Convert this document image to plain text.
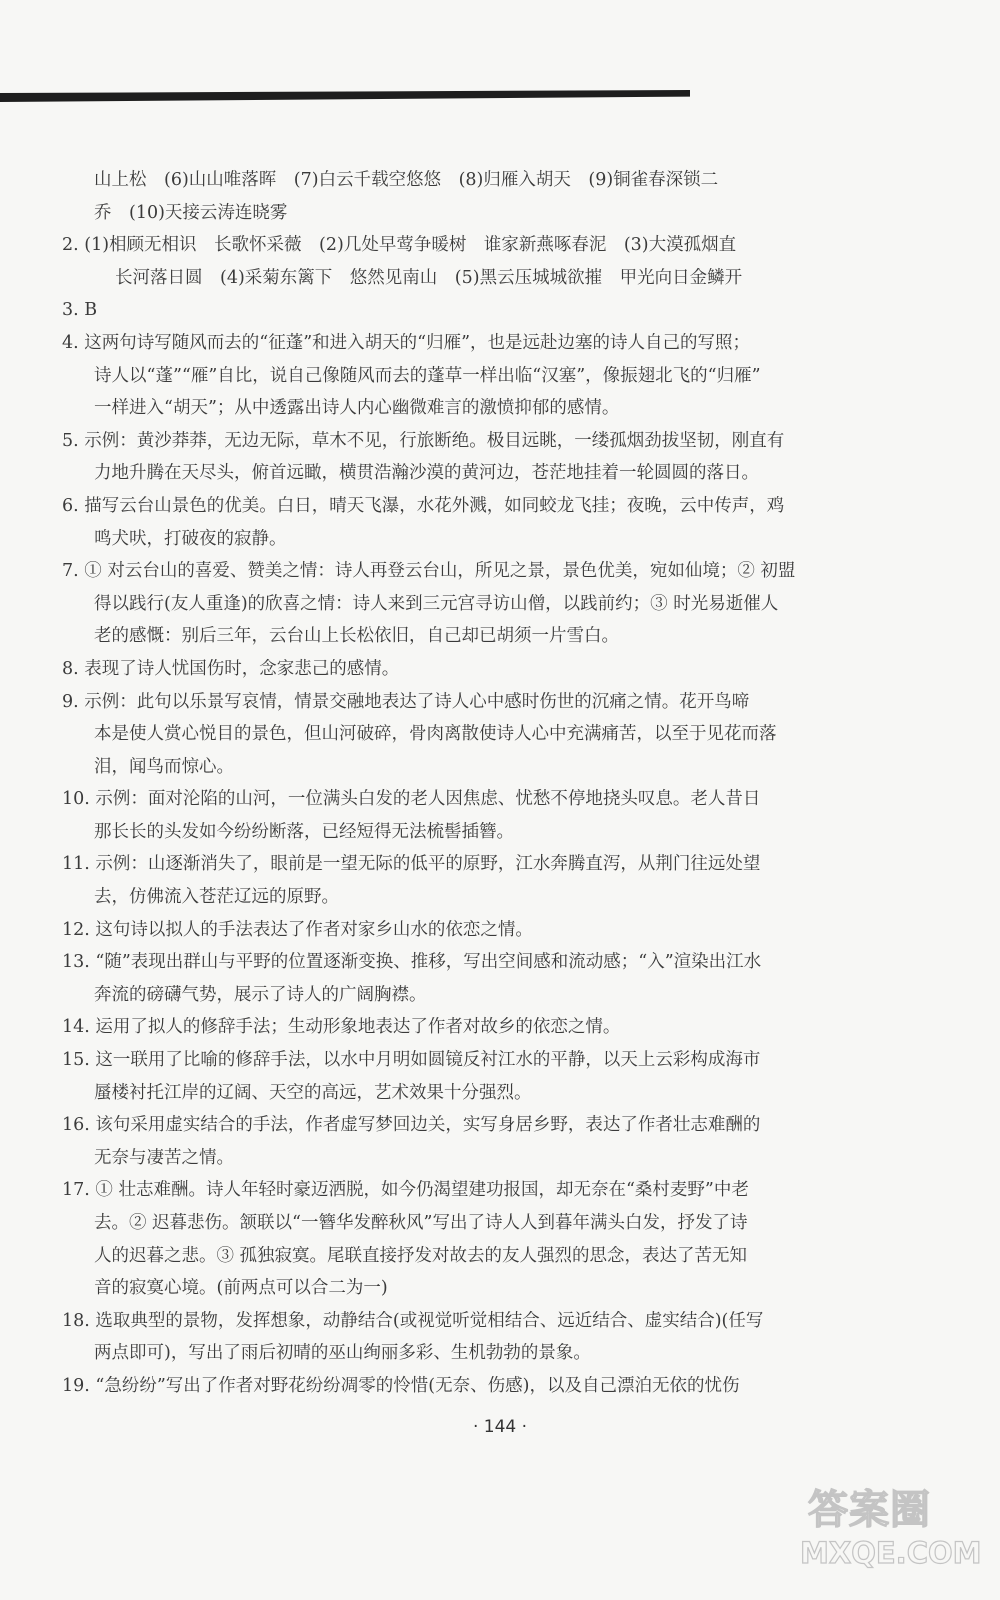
山上松　(6)山山唯落晖　(7)白云千载空悠悠　(8)归雁入胡天　(9)铜雀春深锁二
乔　(10)天接云涛连晓雾
2. (1)相顾无相识　长歌怀采薇　(2)几处早莺争暖树　谁家新燕啄春泥　(3)大漠孤烟直
长河落日圆　(4)采菊东篱下　悠然见南山　(5)黑云压城城欲摧　甲光向日金鳞开
3. B
4. 这两句诗写随风而去的“征蓬”和进入胡天的“归雁”，也是远赴边塞的诗人自己的写照；
诗人以“蓬”“雁”自比，说自己像随风而去的蓬草一样出临“汉塞”，像振翅北飞的“归雁”
一样进入“胡天”；从中透露出诗人内心幽微难言的激愤抑郁的感情。
5. 示例：黄沙莽莽，无边无际，草木不见，行旅断绝。极目远眺，一缕孤烟劲拔坚韧，刚直有
力地升腾在天尽头，俯首远瞰，横贯浩瀚沙漠的黄河边，苍茫地挂着一轮圆圆的落日。
6. 描写云台山景色的优美。白日，晴天飞瀑，水花外溅，如同蛟龙飞挂；夜晚，云中传声，鸡
鸣犬吠，打破夜的寂静。
7. ① 对云台山的喜爱、赞美之情：诗人再登云台山，所见之景，景色优美，宛如仙境；② 初盟
得以践行(友人重逢)的欣喜之情：诗人来到三元宫寻访山僧，以践前约；③ 时光易逝催人
老的感慨：别后三年，云台山上长松依旧，自己却已胡须一片雪白。
8. 表现了诗人忧国伤时，念家悲己的感情。
9. 示例：此句以乐景写哀情，情景交融地表达了诗人心中感时伤世的沉痛之情。花开鸟啼
本是使人赏心悦目的景色，但山河破碎，骨肉离散使诗人心中充满痛苦，以至于见花而落
泪，闻鸟而惊心。
10. 示例：面对沦陷的山河，一位满头白发的老人因焦虑、忧愁不停地挠头叹息。老人昔日
那长长的头发如今纷纷断落，已经短得无法梳髻插簪。
11. 示例：山逐渐消失了，眼前是一望无际的低平的原野，江水奔腾直泻，从荆门往远处望
去，仿佛流入苍茫辽远的原野。
12. 这句诗以拟人的手法表达了作者对家乡山水的依恋之情。
13. “随”表现出群山与平野的位置逐渐变换、推移，写出空间感和流动感；“入”渲染出江水
奔流的磅礴气势，展示了诗人的广阔胸襟。
14. 运用了拟人的修辞手法；生动形象地表达了作者对故乡的依恋之情。
15. 这一联用了比喻的修辞手法，以水中月明如圆镜反衬江水的平静，以天上云彩构成海市
蜃楼衬托江岸的辽阔、天空的高远，艺术效果十分强烈。
16. 该句采用虚实结合的手法，作者虚写梦回边关，实写身居乡野，表达了作者壮志难酬的
无奈与凄苦之情。
17. ① 壮志难酬。诗人年轻时豪迈洒脱，如今仍渴望建功报国，却无奈在“桑村麦野”中老
去。② 迟暮悲伤。颔联以“一簪华发醉秋风”写出了诗人人到暮年满头白发，抒发了诗
人的迟暮之悲。③ 孤独寂寞。尾联直接抒发对故去的友人强烈的思念，表达了苦无知
音的寂寞心境。(前两点可以合二为一)
18. 选取典型的景物，发挥想象，动静结合(或视觉听觉相结合、远近结合、虚实结合)(任写
两点即可)，写出了雨后初晴的巫山绚丽多彩、生机勃勃的景象。
19. “急纷纷”写出了作者对野花纷纷凋零的怜惜(无奈、伤感)，以及自己漂泊无依的忧伤
· 144 ·
答案圈
MXQE.COM
